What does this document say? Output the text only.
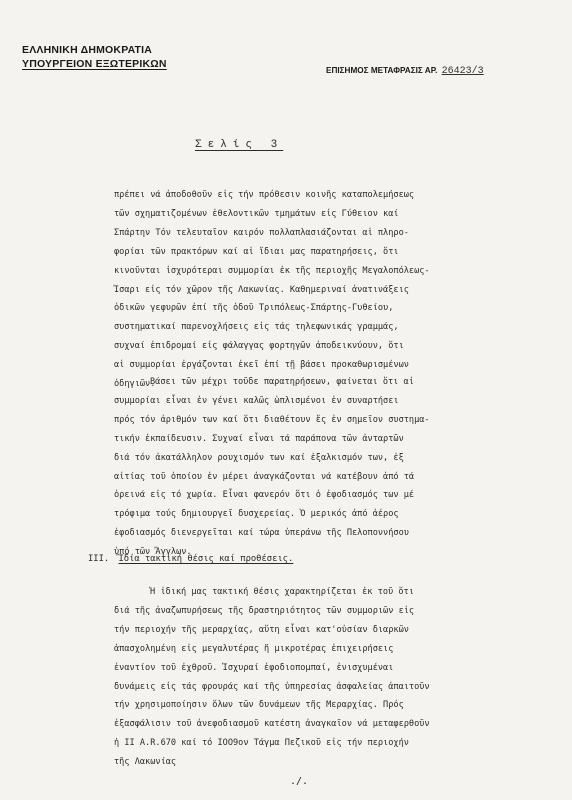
ΕΛΛΗΝΙΚΗ ΔΗΜΟΚΡΑΤΙΑ
ΥΠΟΥΡΓΕΙΟΝ ΕΞΩΤΕΡΙΚΩΝ
ΕΠΙΣΗΜΟΣ ΜΕΤΑΦΡΑΣΙΣ ΑΡ. 26423/3
Σελίς 3
πρέπει νά ἀποδοθοῦν εἰς τήν πρόθεσιν κοινῆς καταπολεμήσεως
τῶν σχηματιζομένων ἐθελοντικῶν τμημάτων εἰς Γύθειον καί
Σπάρτην Τόν τελευταῖον καιρόν πολλαπλασιάζονται αἱ πληρο-
φορίαι τῶν πρακτόρων καί αἱ ἴδιαι μας παρατηρήσεις, ὅτι
κινοῦνται ἰσχυρότεραι συμμορίαι ἐκ τῆς περιοχῆς Μεγαλοπόλεως-
Ἰσαρι εἰς τόν χῶρον τῆς Λακωνίας. Καθημεριναί ἀνατινάξεις
ὁδικῶν γεφυρῶν ἐπί τῆς ὁδοῦ Τριπόλεως-Σπάρτης-Γυθείου,
συστηματικαί παρενοχλήσεις εἰς τάς τηλεφωνικάς γραμμάς,
συχναί ἐπιδρομαί εἰς φάλαγγας φορτηγῶν ἀποδεικνύουν, ὅτι
αἱ συμμορίαι ἐργάζονται ἐκεῖ ἐπί τῇ βάσει προκαθωρισμένων
ὁδηγιῶν.
Βάσει τῶν μέχρι τοῦδε παρατηρήσεων, φαίνεται ὅτι αἱ
συμμορίαι εἶναι ἐν γένει καλῶς ὡπλισμένοι ἐν συναρτήσει
πρός τόν ἀριθμόν των καί ὅτι διαθέτουν ἔς ἐν σημεῖον συστημα-
τικήν ἐκπαίδευσιν. Συχναί εἶναι τά παράπονα τῶν ἀνταρτῶν
διά τόν ἀκατάλληλον ρουχισμόν των καί ἐξαλκισμόν των, ἐξ
αἰτίας τοῦ ὁποίου ἐν μέρει ἀναγκάζονται νά κατέβουν ἀπό τά
ὀρεινά εἰς τό χωρία. Εἶναι φανερόν ὅτι ὁ ἐφοδιασμός των μέ
τρόφιμα τούς δημιουργεῖ δυσχερείας. Ὁ μερικός ἀπό ἀέρος
ἐφοδιασμός διενεργεῖται καί τώρα ὑπεράνω τῆς Πελοποννήσου
ὑπό τῶν Ἄγγλων.
III. Ἴδία τακτική θέσις καί προθέσεις.
Ἡ ἰδική μας τακτική θέσις χαρακτηρίζεται ἐκ τοῦ ὅτι
διά τῆς ἀναζωπυρήσεως τῆς δραστηριότητος τῶν συμμοριῶν εἰς
τήν περιοχήν τῆς μεραρχίας, αὕτη εἶναι κατ'οὐσίαν διαρκῶν
ἀπασχολημένη εἰς μεγαλυτέρας ἤ μικροτέρας ἐπιχειρήσεις
ἐναντίον τοῦ ἐχθροῦ. Ἰσχυραί ἐφοδιοπομπαί, ἐνισχυμέναι
δυνάμεις εἰς τάς φρουράς καί τῆς ὑπηρεσίας ἀσφαλείας ἀπαιτοῦν
τήν χρησιμοποίησιν ὅλων τῶν δυνάμεων τῆς Μεραρχίας. Πρός
ἐξασφάλισιν τοῦ ἀνεφοδιασμοῦ κατέστη ἀναγκαῖον νά μεταφερθοῦν
ἡ II A.R.670 καί τό IOO9ον Τάγμα Πεζικοῦ εἰς τήν περιοχήν
τῆς Λακωνίας
./.
